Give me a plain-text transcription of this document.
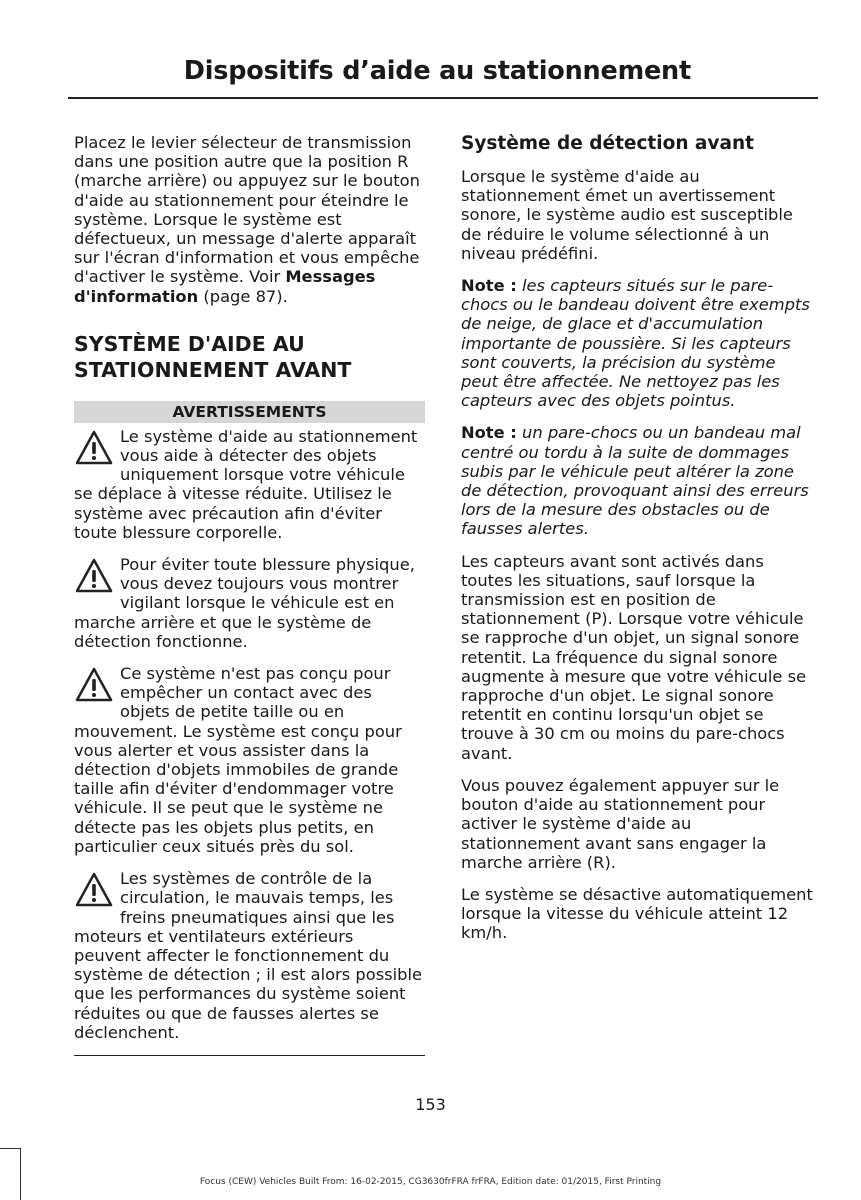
Dispositifs d’aide au stationnement

Placez le levier sélecteur de transmission dans une position autre que la position R (marche arrière) ou appuyez sur le bouton d'aide au stationnement pour éteindre le système. Lorsque le système est défectueux, un message d'alerte apparaît sur l'écran d'information et vous empêche d'activer le système. Voir Messages d'information (page 87).

SYSTÈME D'AIDE AU
STATIONNEMENT AVANT
AVERTISSEMENTS
Le système d'aide au stationnement vous aide à détecter des objets uniquement lorsque votre véhicule se déplace à vitesse réduite. Utilisez le système avec précaution afin d'éviter toute blessure corporelle.
Pour éviter toute blessure physique, vous devez toujours vous montrer vigilant lorsque le véhicule est en marche arrière et que le système de détection fonctionne.
Ce système n'est pas conçu pour empêcher un contact avec des objets de petite taille ou en mouvement. Le système est conçu pour vous alerter et vous assister dans la détection d'objets immobiles de grande taille afin d'éviter d'endommager votre véhicule. Il se peut que le système ne détecte pas les objets plus petits, en particulier ceux situés près du sol.
Les systèmes de contrôle de la circulation, le mauvais temps, les freins pneumatiques ainsi que les moteurs et ventilateurs extérieurs peuvent affecter le fonctionnement du système de détection ; il est alors possible que les performances du système soient réduites ou que de fausses alertes se déclenchent.
Système de détection avant

Lorsque le système d'aide au stationnement émet un avertissement sonore, le système audio est susceptible de réduire le volume sélectionné à un niveau prédéfini.

Note : les capteurs situés sur le pare-chocs ou le bandeau doivent être exempts de neige, de glace et d'accumulation importante de poussière. Si les capteurs sont couverts, la précision du système peut être affectée. Ne nettoyez pas les capteurs avec des objets pointus.

Note : un pare-chocs ou un bandeau mal centré ou tordu à la suite de dommages subis par le véhicule peut altérer la zone de détection, provoquant ainsi des erreurs lors de la mesure des obstacles ou de fausses alertes.

Les capteurs avant sont activés dans toutes les situations, sauf lorsque la transmission est en position de stationnement (P). Lorsque votre véhicule se rapproche d'un objet, un signal sonore retentit. La fréquence du signal sonore augmente à mesure que votre véhicule se rapproche d'un objet. Le signal sonore retentit en continu lorsqu'un objet se trouve à 30 cm ou moins du pare-chocs avant.

Vous pouvez également appuyer sur le bouton d'aide au stationnement pour activer le système d'aide au stationnement avant sans engager la marche arrière (R).

Le système se désactive automatiquement lorsque la vitesse du véhicule atteint 12 km/h.

153
Focus (CEW) Vehicles Built From: 16-02-2015, CG3630frFRA frFRA, Edition date: 01/2015, First Printing
